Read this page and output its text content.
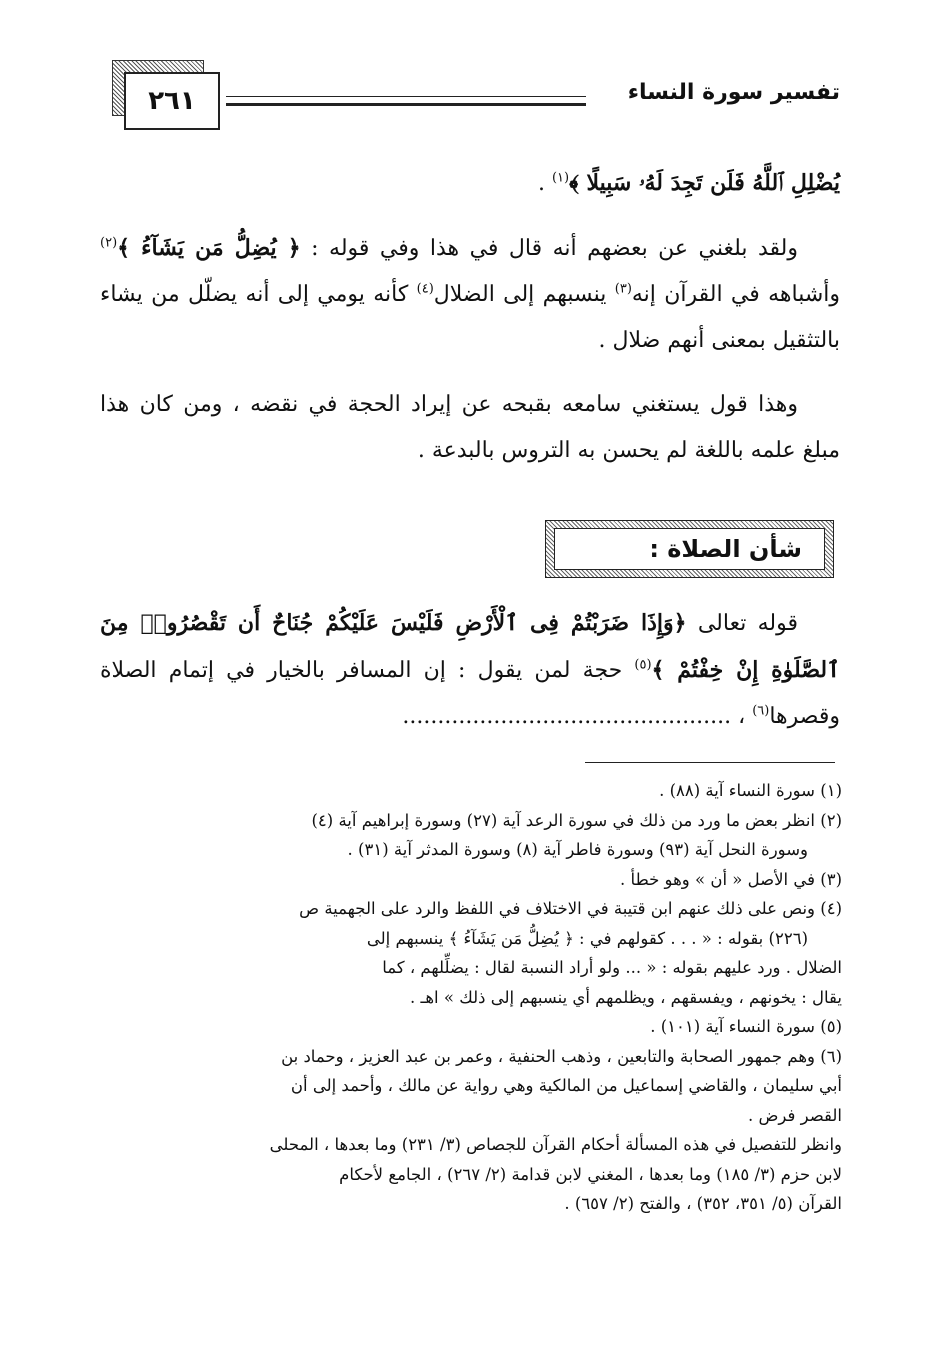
٢٦١	تفسير سورة النساء

يُضْلِلِ ٱللَّهُ فَلَن تَجِدَ لَهُۥ سَبِيلًا ﴾$^{(١)}$ .

ولقد بلغني عن بعضهم أنه قال في هذا وفي قوله : ﴿ يُضِلُّ مَن يَشَآءُ ﴾$^{(٢)}$ وأشباهه في القرآن إنه$^{(٣)}$ ينسبهم إلى الضلال$^{(٤)}$ كأنه يومي إلى أنه يضلّل من يشاء بالتثقيل بمعنى أنهم ضلال .

وهذا قول يستغني سامعه بقبحه عن إيراد الحجة في نقضه ، ومن كان هذا مبلغ علمه باللغة لم يحسن به التروس بالبدعة .

شأن الصلاة :

قوله تعالى ﴿وَإِذَا ضَرَبْتُمْ فِى ٱلْأَرْضِ فَلَيْسَ عَلَيْكُمْ جُنَاحٌ أَن تَقْصُرُوا۟ مِنَ ٱلصَّلَوٰةِ إِنْ خِفْتُمْ ﴾$^{(٥)}$ حجة لمن يقول : إن المسافر بالخيار في إتمام الصلاة وقصرها$^{(٦)}$ ، ...............................................

(١) سورة النساء آية (٨٨) .

(٢) انظر بعض ما ورد من ذلك في سورة الرعد آية (٢٧) وسورة إبراهيم آية (٤)

وسورة النحل آية (٩٣) وسورة فاطر آية (٨) وسورة المدثر آية (٣١) .

(٣) في الأصل « أن » وهو خطأ .

(٤) ونص على ذلك عنهم ابن قتيبة في الاختلاف في اللفظ والرد على الجهمية ص

(٢٢٦) بقوله : « . . . كقولهم في : ﴿ يُضِلُّ مَن يَشَآءُ ﴾ ينسبهم إلى

الضلال . ورد عليهم بقوله : « ... ولو أراد النسبة لقال : يضلِّلهم ، كما

يقال : يخونهم ، ويفسقهم ، ويظلمهم أي ينسبهم إلى ذلك » اهـ .

(٥) سورة النساء آية (١٠١) .

(٦) وهم جمهور الصحابة والتابعين ، وذهب الحنفية ، وعمر بن عبد العزيز ، وحماد بن

أبي سليمان ، والقاضي إسماعيل من المالكية وهي رواية عن مالك ، وأحمد إلى أن

القصر فرض .

وانظر للتفصيل في هذه المسألة أحكام القرآن للجصاص (٣/ ٢٣١) وما بعدها ، المحلى

لابن حزم (٣/ ١٨٥) وما بعدها ، المغني لابن قدامة (٢/ ٢٦٧) ، الجامع لأحكام

القرآن (٥/ ٣٥١، ٣٥٢) ، والفتح (٢/ ٦٥٧) .
